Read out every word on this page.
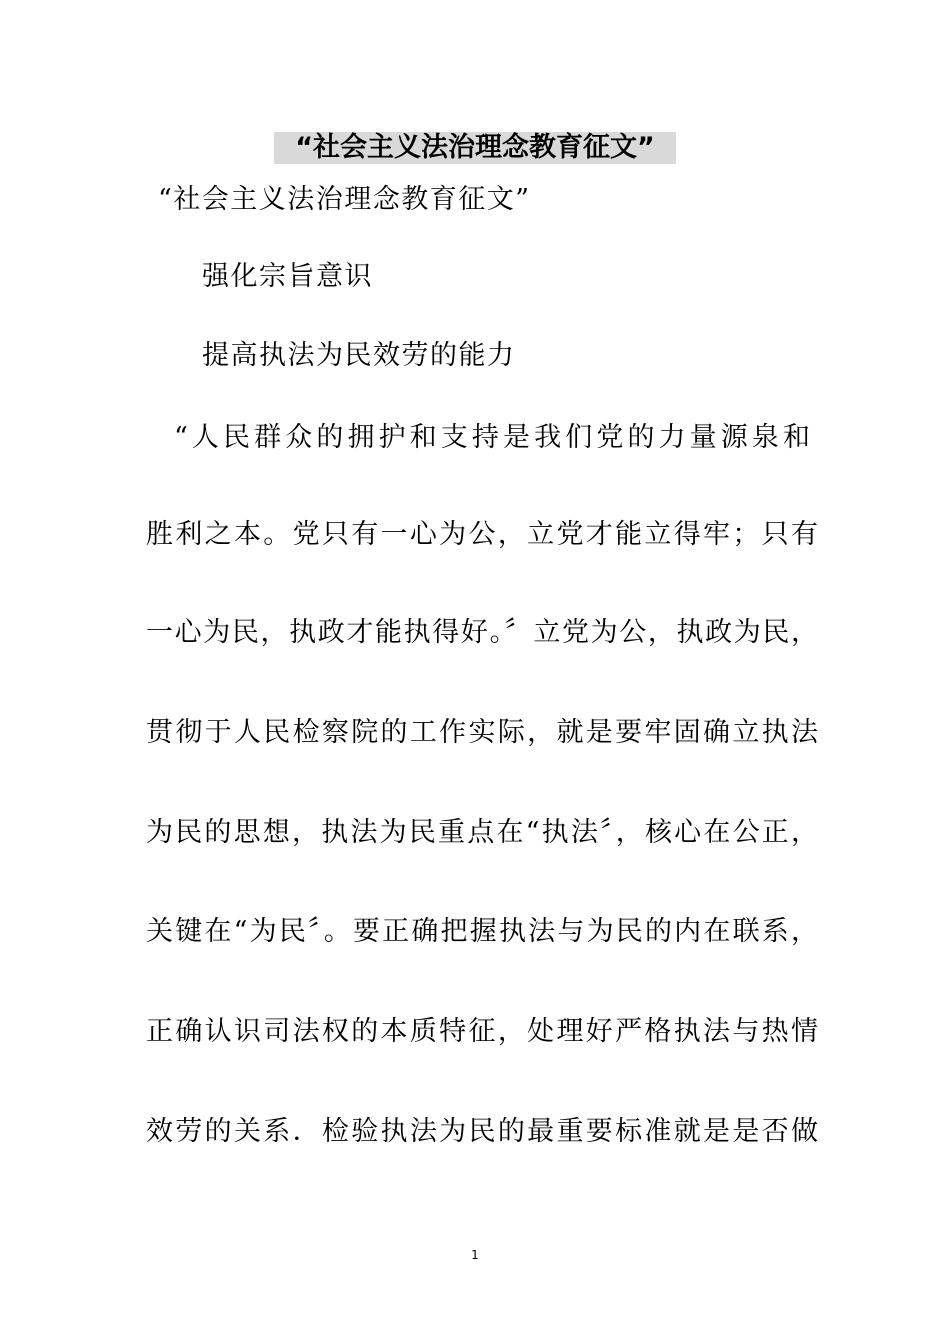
“社会主义法治理念教育征文”
“社会主义法治理念教育征文”
强化宗旨意识
提高执法为民效劳的能力
“人民群众的拥护和支持是我们党的力量源泉和
胜利之本。党只有一心为公，立党才能立得牢；只有
一心为民，执政才能执得好。〞立党为公，执政为民，
贯彻于人民检察院的工作实际，就是要牢固确立执法
为民的思想，执法为民重点在“执法〞，核心在公正，
关键在“为民〞。要正确把握执法与为民的内在联系，
正确认识司法权的本质特征，处理好严格执法与热情
效劳的关系．检验执法为民的最重要标准就是是否做
1
